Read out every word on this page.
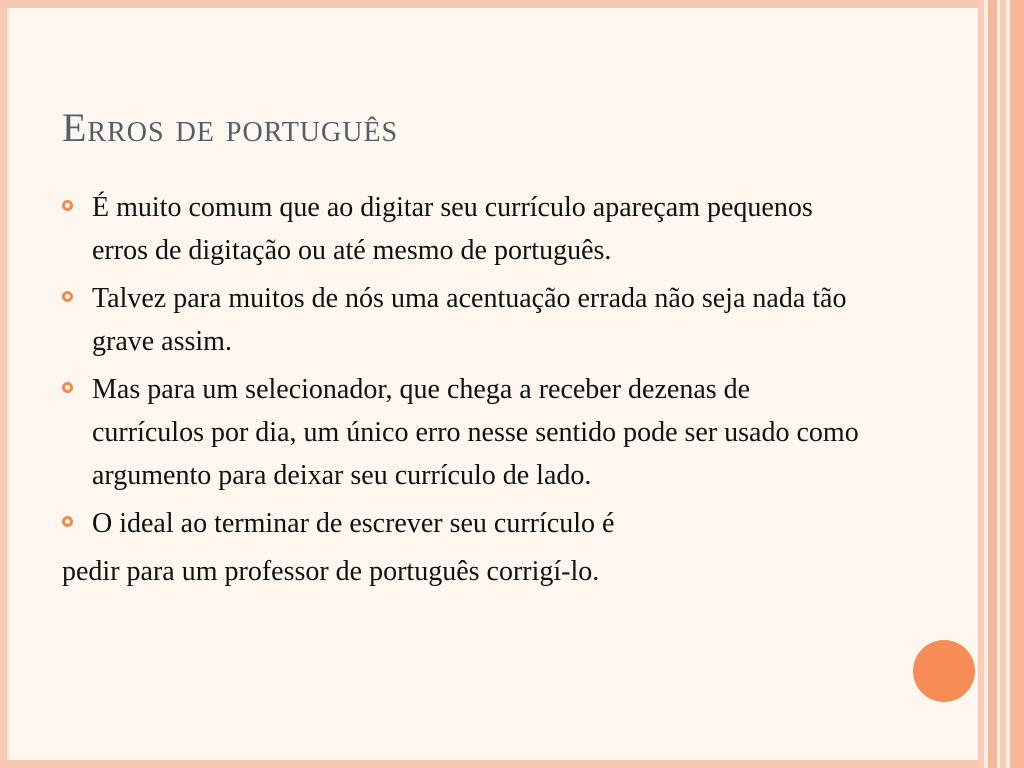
Erros de português
É muito comum que ao digitar seu currículo apareçam pequenos erros de digitação ou até mesmo de português.
Talvez para muitos de nós uma acentuação errada não seja nada tão grave assim.
Mas para um selecionador, que chega a receber dezenas de currículos por dia, um único erro nesse sentido pode ser usado como argumento para deixar seu currículo de lado.
O ideal ao terminar de escrever seu currículo é
pedir para um professor de português corrigí-lo.
